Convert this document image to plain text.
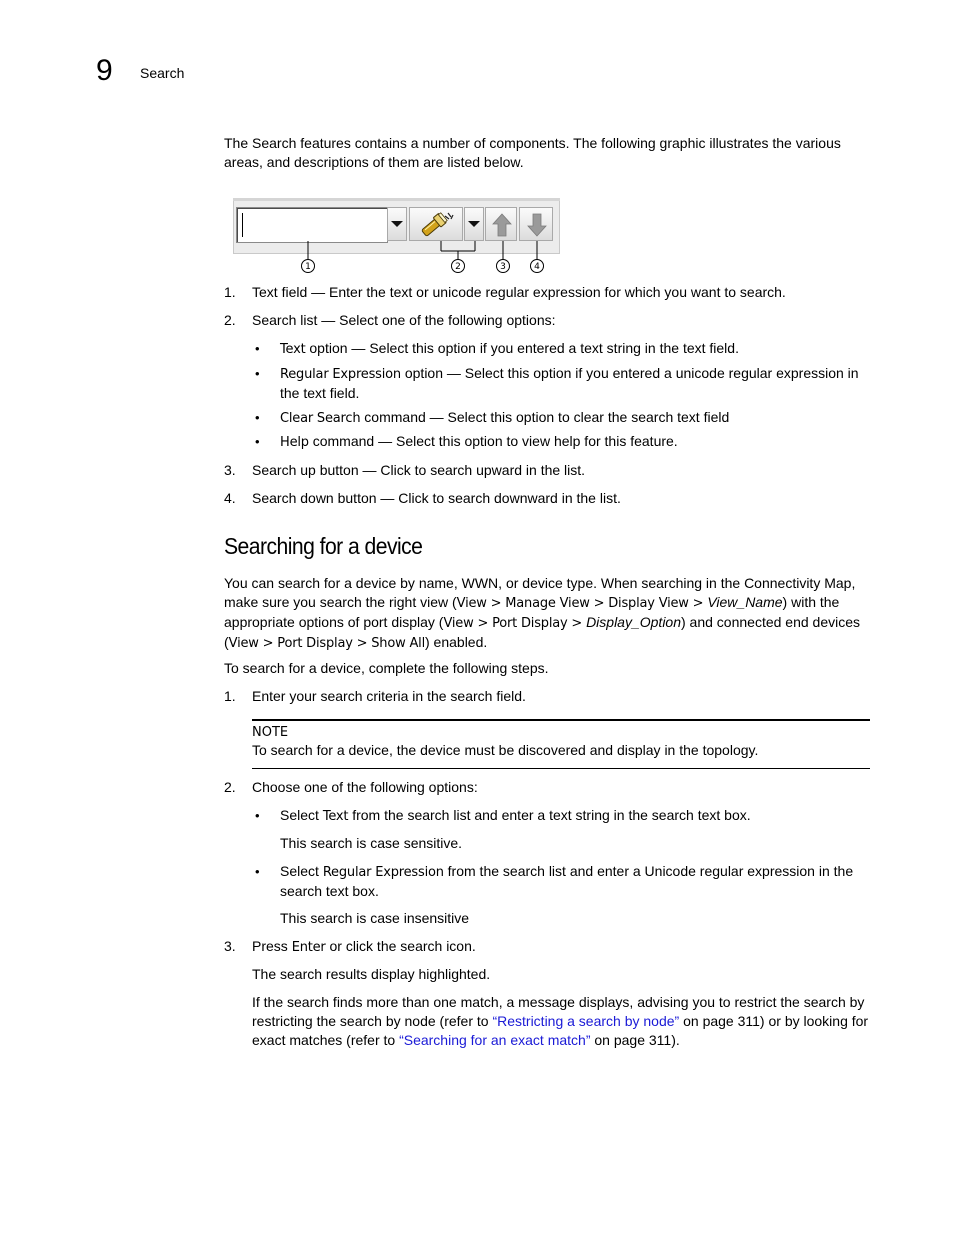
9 Search
The Search features contains a number of components. The following graphic illustrates the various areas, and descriptions of them are listed below.
1	2	3	4
1. Text field — Enter the text or unicode regular expression for which you want to search.
2. Search list — Select one of the following options:
• Text option — Select this option if you entered a text string in the text field.
• Regular Expression option — Select this option if you entered a unicode regular expression in the text field.
• Clear Search command — Select this option to clear the search text field
• Help command — Select this option to view help for this feature.
3. Search up button — Click to search upward in the list.
4. Search down button — Click to search downward in the list.
Searching for a device
You can search for a device by name, WWN, or device type. When searching in the Connectivity Map, make sure you search the right view (View > Manage View > Display View > View_Name) with the appropriate options of port display (View > Port Display > Display_Option) and connected end devices (View > Port Display > Show All) enabled.
To search for a device, complete the following steps.
1. Enter your search criteria in the search field.
NOTE
To search for a device, the device must be discovered and display in the topology.
2. Choose one of the following options:
• Select Text from the search list and enter a text string in the search text box.
This search is case sensitive.
• Select Regular Expression from the search list and enter a Unicode regular expression in the search text box.
This search is case insensitive
3. Press Enter or click the search icon.
The search results display highlighted.
If the search finds more than one match, a message displays, advising you to restrict the search by restricting the search by node (refer to “Restricting a search by node” on page 311) or by looking for exact matches (refer to “Searching for an exact match” on page 311).
